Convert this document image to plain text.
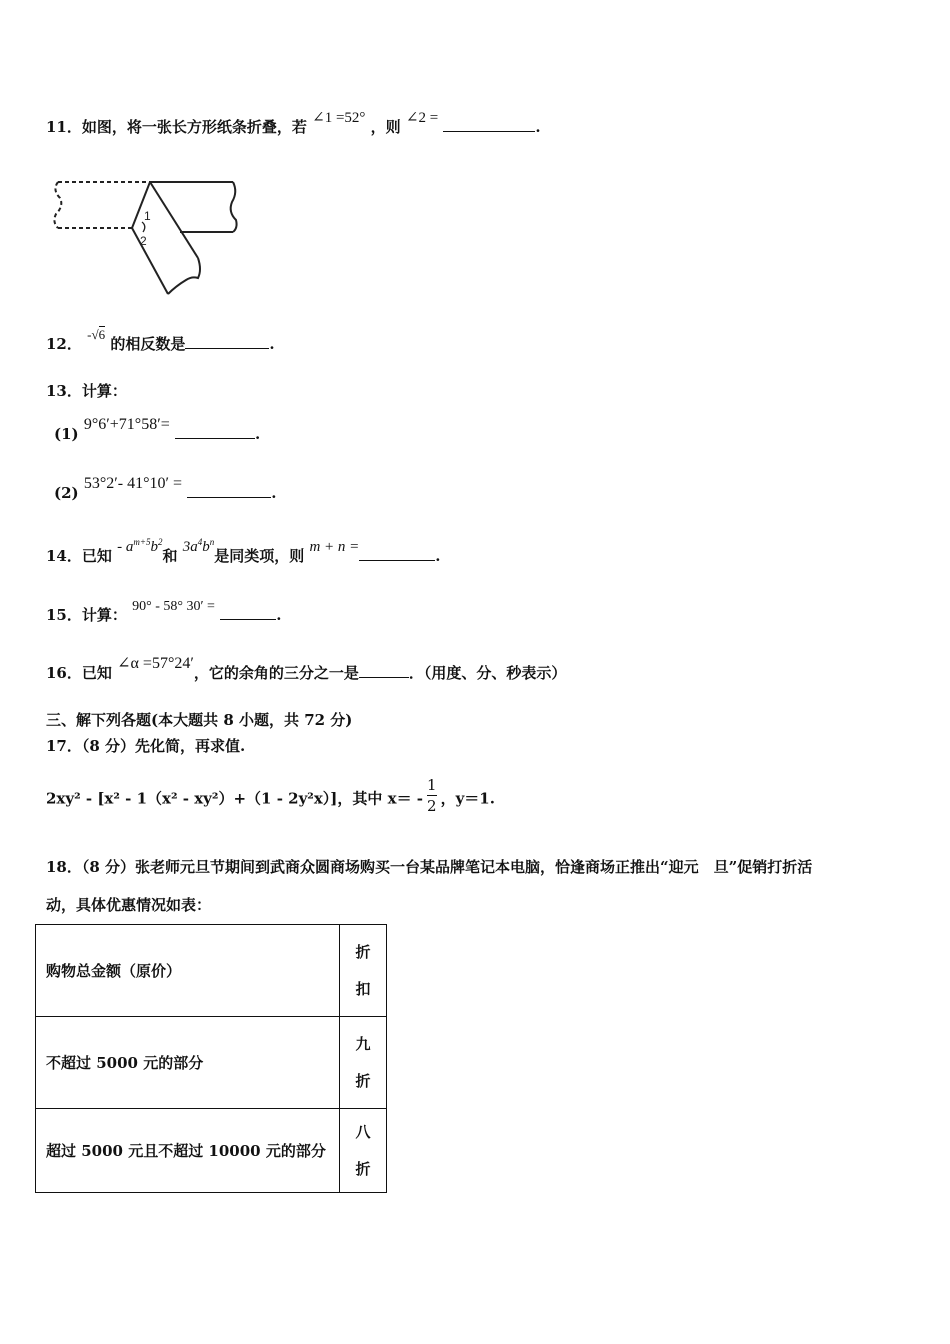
11．如图，将一张长方形纸条折叠，若 ∠1 =52° ，则 ∠2 =	.
1
2
12． -√6 的相反数是	.
13．计算：
(1) 9°6′+71°58′= .
(2) 53°2′- 41°10′ = .
14．已知 - $a^{m+5}b^2$和 $3a^4b^n$是同类项，则 m + n =	.
15．计算： 90° - 58° 30′ =	.
16．已知 ∠α =57°24′，它的余角的三分之一是	．（用度、分、秒表示）
三、解下列各题(本大题共 8 小题，共 72 分)
17．（8 分）先化简，再求值.
2xy² - [x² - 1（x² - xy²）+（1 - 2y²x）]，其中 $x= - \frac{1}{2}$ ，y＝1.
18．（8 分）张老师元旦节期间到武商众圆商场购买一台某品牌笔记本电脑，恰逢商场正推出“迎元　旦”促销打折活
动，具体优惠情况如表：
购物总金额（原价）	折
扣
不超过 5000 元的部分	九
折
超过 5000 元且不超过 10000 元的部分	八
折
